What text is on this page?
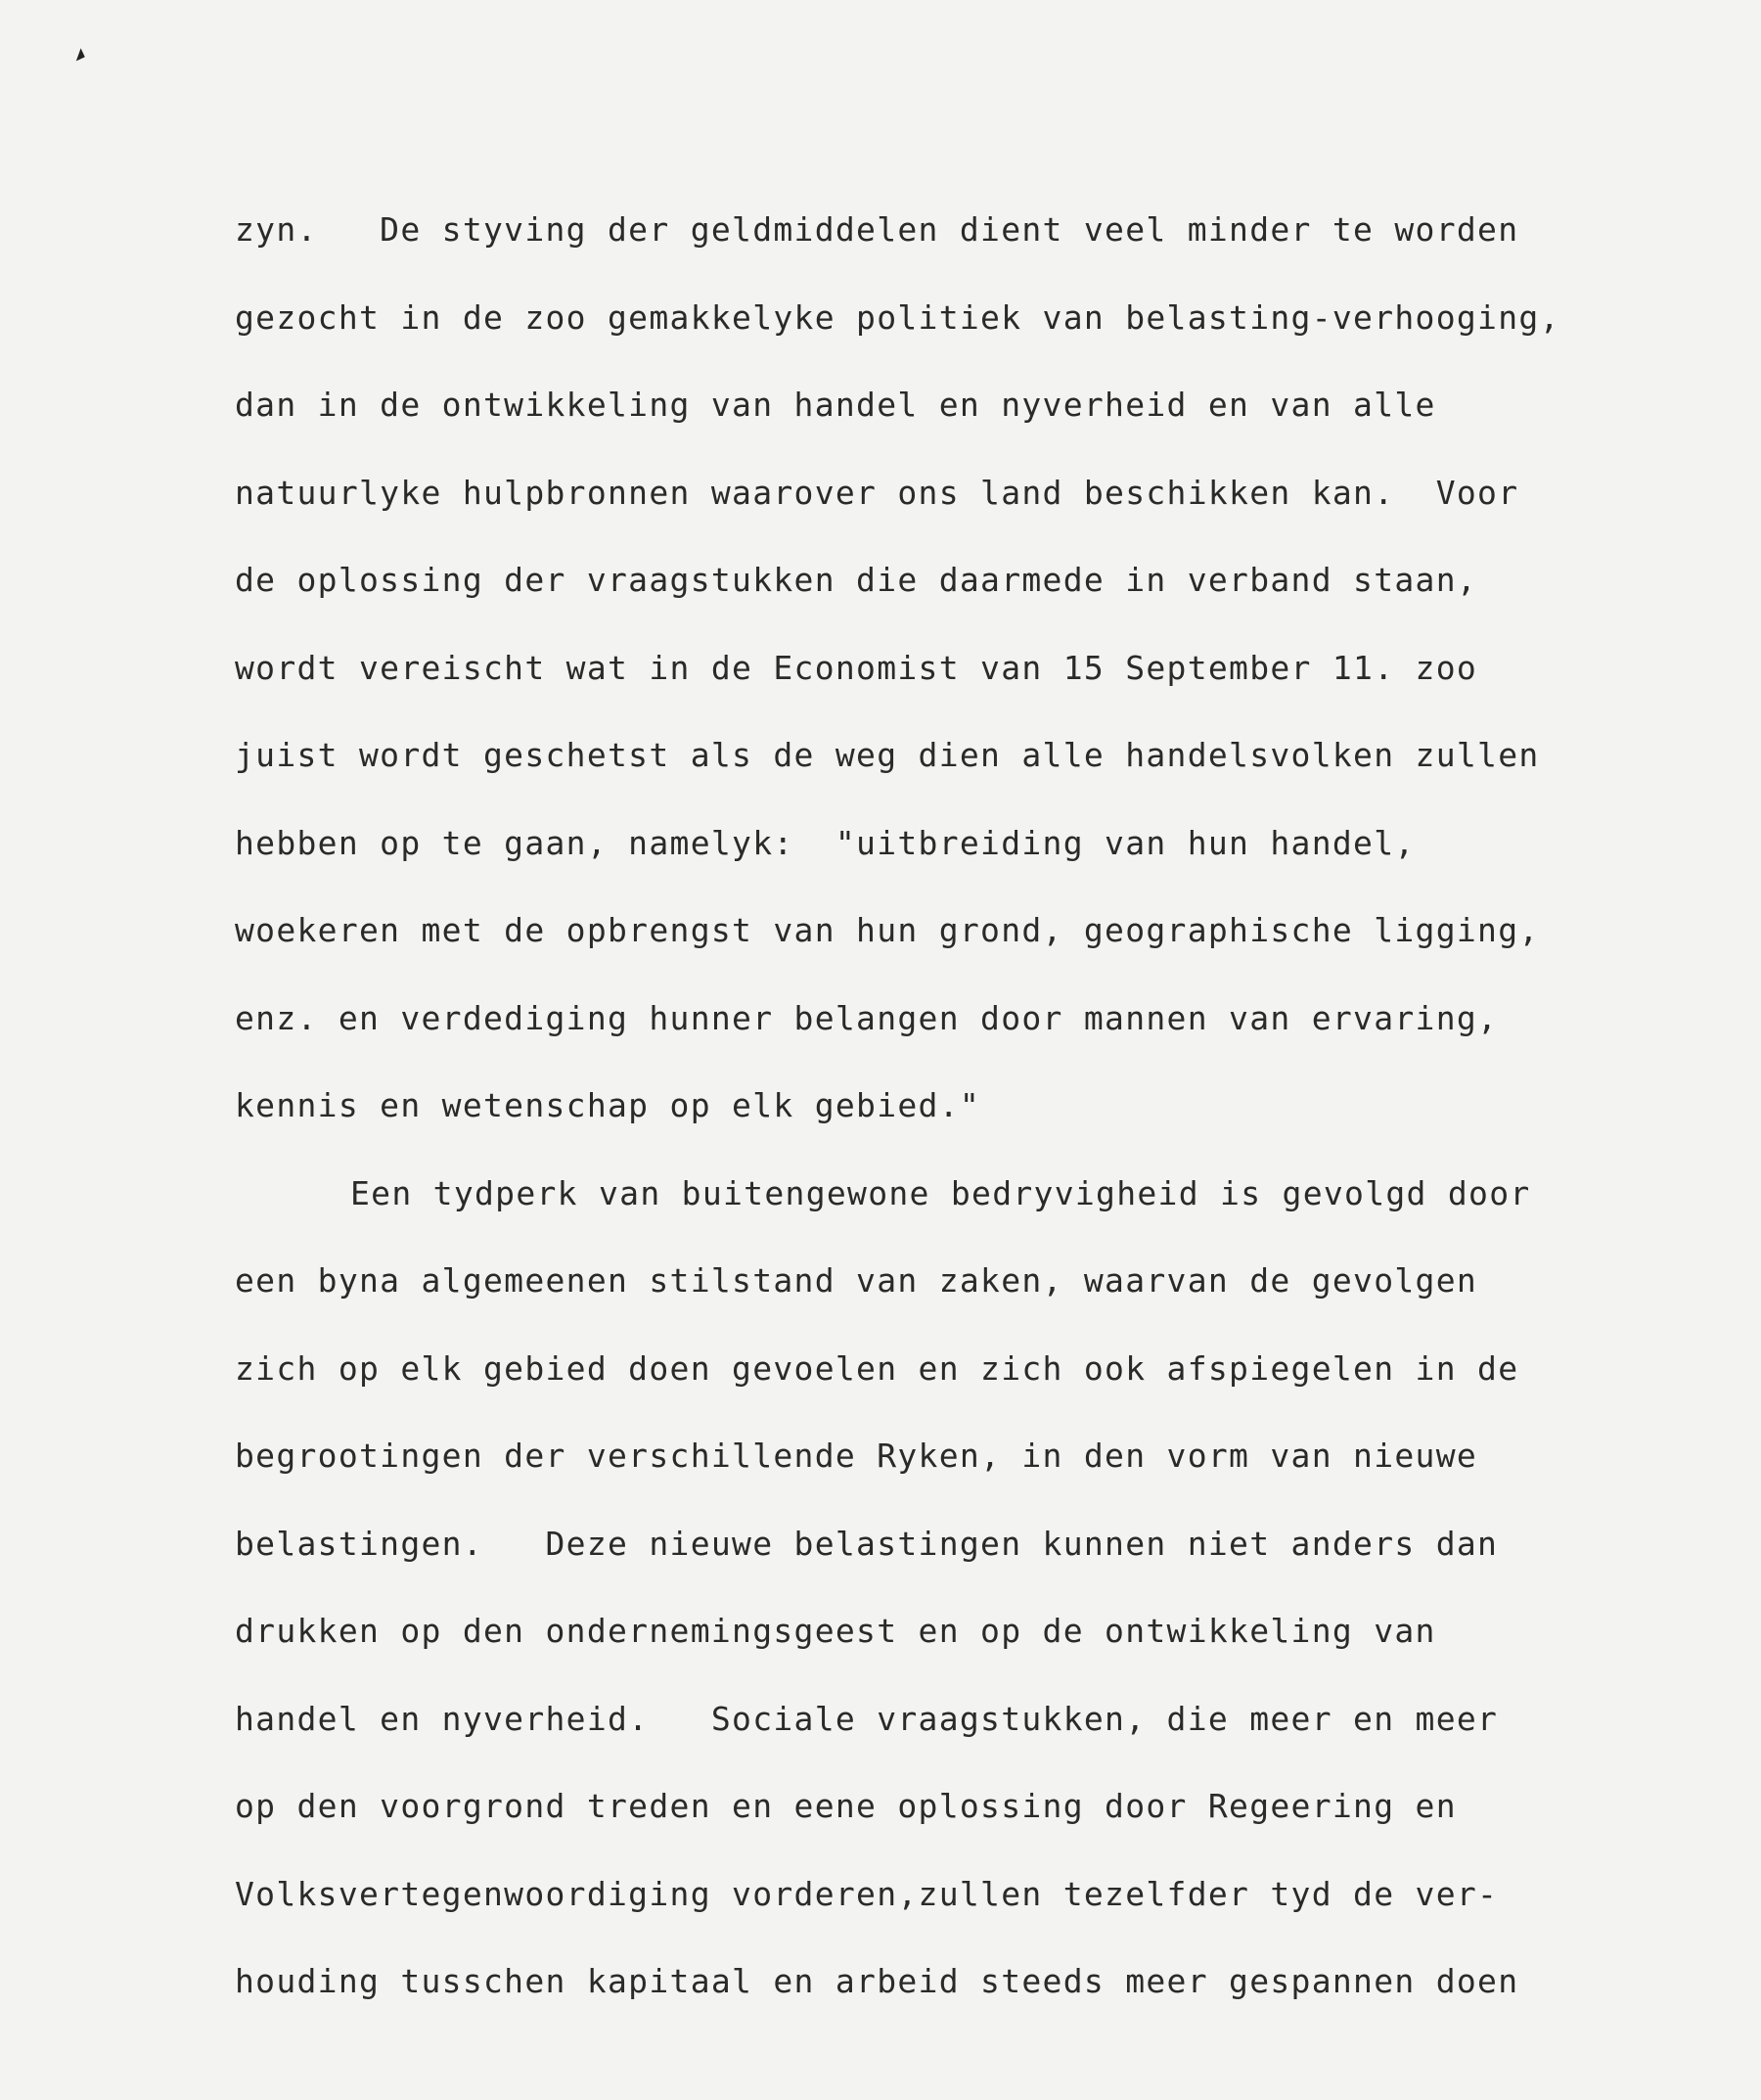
zyn.   De styving der geldmiddelen dient veel minder te worden
gezocht in de zoo gemakkelyke politiek van belasting-verhooging,
dan in de ontwikkeling van handel en nyverheid en van alle
natuurlyke hulpbronnen waarover ons land beschikken kan.  Voor
de oplossing der vraagstukken die daarmede in verband staan,
wordt vereischt wat in de Economist van 15 September 11. zoo
juist wordt geschetst als de weg dien alle handelsvolken zullen
hebben op te gaan, namelyk:  "uitbreiding van hun handel,
woekeren met de opbrengst van hun grond, geographische ligging,
enz. en verdediging hunner belangen door mannen van ervaring,
kennis en wetenschap op elk gebied."
Een tydperk van buitengewone bedryvigheid is gevolgd door
een byna algemeenen stilstand van zaken, waarvan de gevolgen
zich op elk gebied doen gevoelen en zich ook afspiegelen in de
begrootingen der verschillende Ryken, in den vorm van nieuwe
belastingen.   Deze nieuwe belastingen kunnen niet anders dan
drukken op den ondernemingsgeest en op de ontwikkeling van
handel en nyverheid.   Sociale vraagstukken, die meer en meer
op den voorgrond treden en eene oplossing door Regeering en
Volksvertegenwoordiging vorderen,zullen tezelfder tyd de ver-
houding tusschen kapitaal en arbeid steeds meer gespannen doen
